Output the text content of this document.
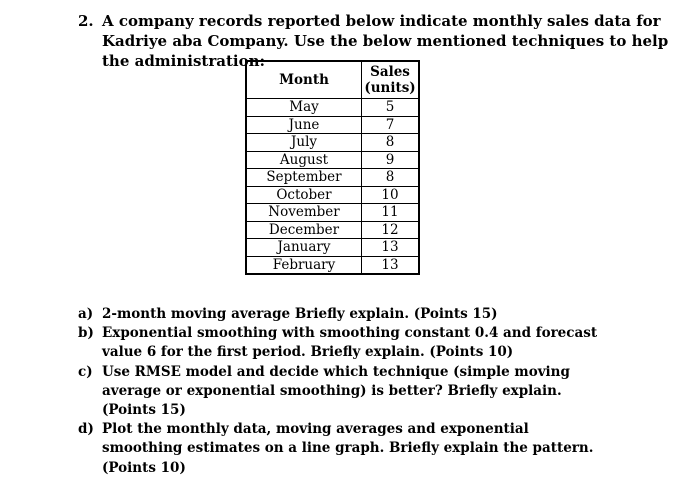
2. A company records reported below indicate monthly sales data for Kadriye aba Company. Use the below mentioned techniques to help the administration:
Month	Sales (units)
May	5
June	7
July	8
August	9
September	8
October	10
November	11
December	12
January	13
February	13
a) 2-month moving average Briefly explain. (Points 15)
b) Exponential smoothing with smoothing constant 0.4 and forecast value 6 for the first period. Briefly explain. (Points 10)
c) Use RMSE model and decide which technique (simple moving average or exponential smoothing) is better? Briefly explain. (Points 15)
d) Plot the monthly data, moving averages and exponential smoothing estimates on a line graph. Briefly explain the pattern. (Points 10)
